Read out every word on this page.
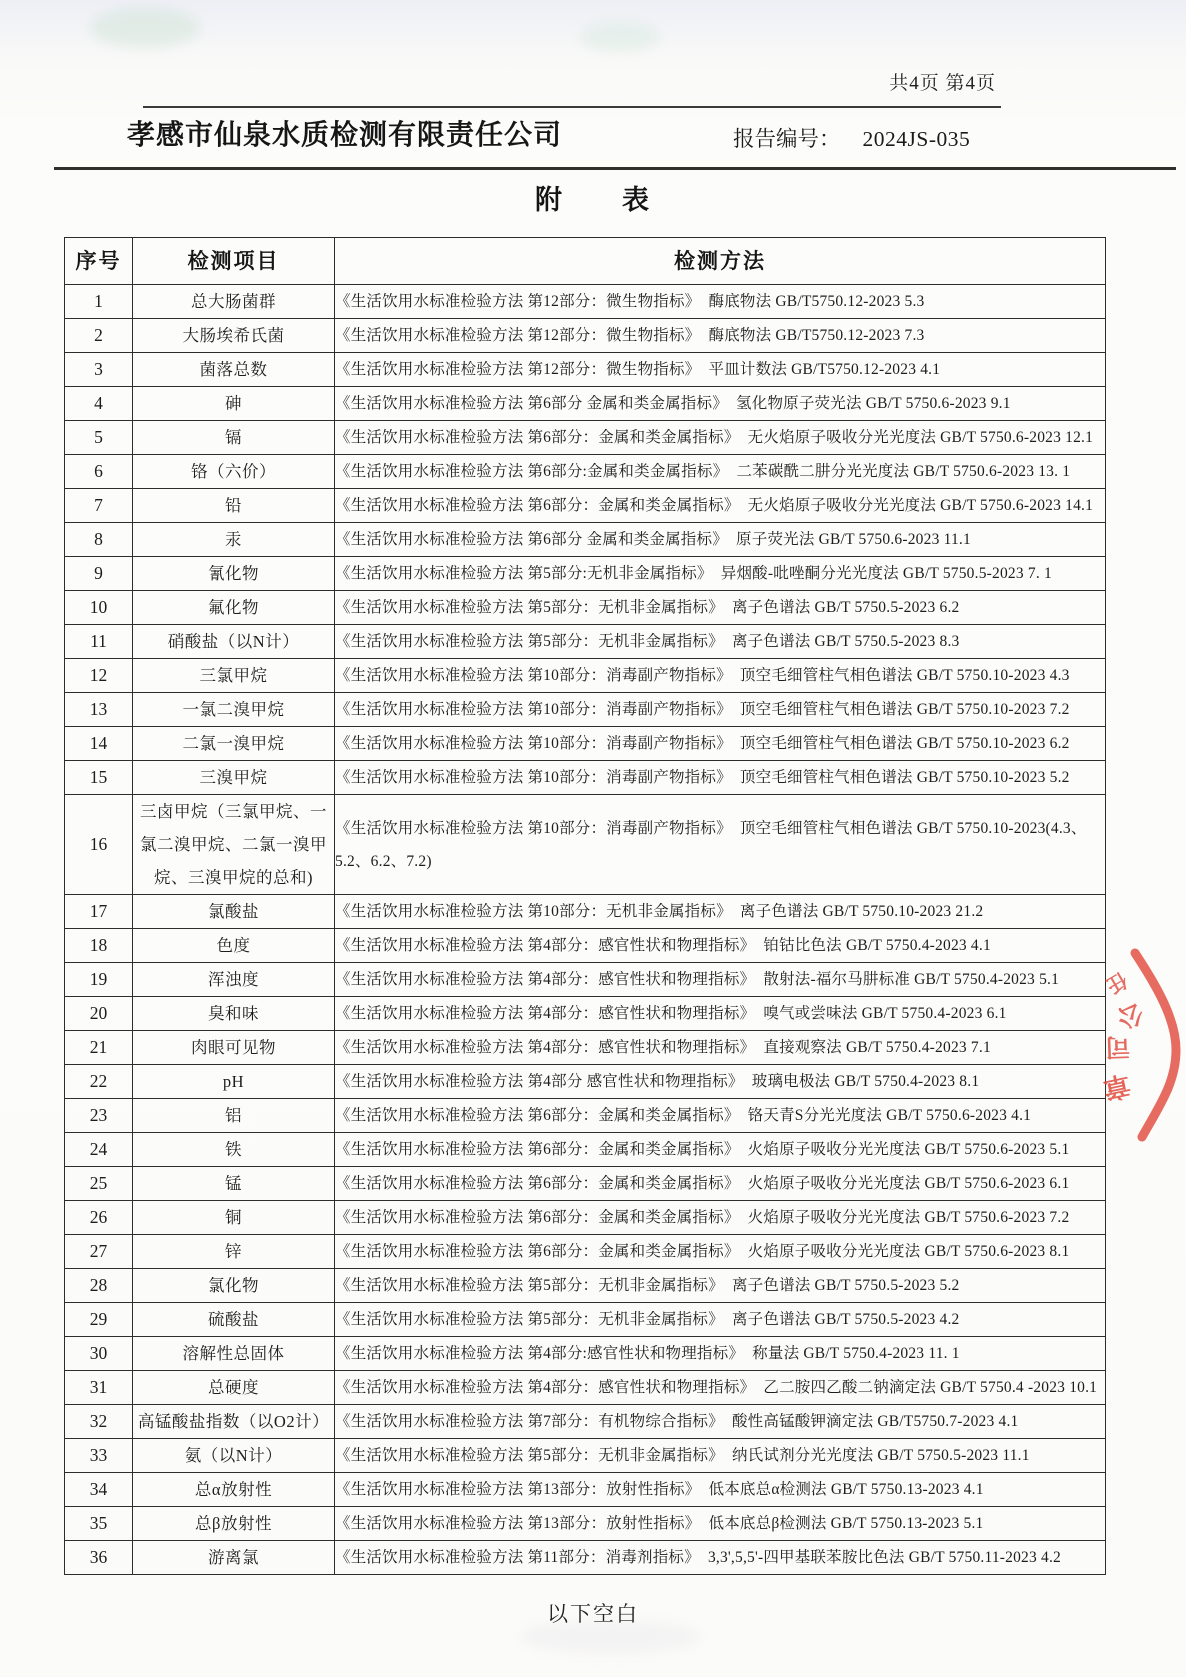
共4页 第4页
孝感市仙泉水质检测有限责任公司	报告编号： 2024JS-035
附　　表
序号	检测项目	检测方法
1	总大肠菌群	《生活饮用水标准检验方法 第12部分：微生物指标》  酶底物法 GB/T5750.12-2023 5.3
2	大肠埃希氏菌	《生活饮用水标准检验方法 第12部分：微生物指标》  酶底物法 GB/T5750.12-2023 7.3
3	菌落总数	《生活饮用水标准检验方法 第12部分：微生物指标》  平皿计数法 GB/T5750.12-2023 4.1
4	砷	《生活饮用水标准检验方法 第6部分 金属和类金属指标》  氢化物原子荧光法 GB/T 5750.6-2023 9.1
5	镉	《生活饮用水标准检验方法 第6部分：金属和类金属指标》  无火焰原子吸收分光光度法 GB/T 5750.6-2023 12.1
6	铬（六价）	《生活饮用水标准检验方法 第6部分:金属和类金属指标》  二苯碳酰二肼分光光度法 GB/T 5750.6-2023 13. 1
7	铅	《生活饮用水标准检验方法 第6部分：金属和类金属指标》  无火焰原子吸收分光光度法 GB/T 5750.6-2023 14.1
8	汞	《生活饮用水标准检验方法 第6部分 金属和类金属指标》  原子荧光法 GB/T 5750.6-2023 11.1
9	氰化物	《生活饮用水标准检验方法 第5部分:无机非金属指标》  异烟酸-吡唑酮分光光度法 GB/T 5750.5-2023 7. 1
10	氟化物	《生活饮用水标准检验方法 第5部分：无机非金属指标》  离子色谱法 GB/T 5750.5-2023 6.2
11	硝酸盐（以N计）	《生活饮用水标准检验方法 第5部分：无机非金属指标》  离子色谱法 GB/T 5750.5-2023 8.3
12	三氯甲烷	《生活饮用水标准检验方法 第10部分：消毒副产物指标》  顶空毛细管柱气相色谱法 GB/T 5750.10-2023 4.3
13	一氯二溴甲烷	《生活饮用水标准检验方法 第10部分：消毒副产物指标》  顶空毛细管柱气相色谱法 GB/T 5750.10-2023 7.2
14	二氯一溴甲烷	《生活饮用水标准检验方法 第10部分：消毒副产物指标》  顶空毛细管柱气相色谱法 GB/T 5750.10-2023 6.2
15	三溴甲烷	《生活饮用水标准检验方法 第10部分：消毒副产物指标》  顶空毛细管柱气相色谱法 GB/T 5750.10-2023 5.2
16	三卤甲烷（三氯甲烷、一氯二溴甲烷、二氯一溴甲烷、三溴甲烷的总和)	《生活饮用水标准检验方法 第10部分：消毒副产物指标》  顶空毛细管柱气相色谱法 GB/T 5750.10-2023(4.3、5.2、6.2、7.2)
17	氯酸盐	《生活饮用水标准检验方法 第10部分：无机非金属指标》  离子色谱法 GB/T 5750.10-2023 21.2
18	色度	《生活饮用水标准检验方法 第4部分：感官性状和物理指标》  铂钴比色法 GB/T 5750.4-2023 4.1
19	浑浊度	《生活饮用水标准检验方法 第4部分：感官性状和物理指标》  散射法-福尔马肼标准 GB/T 5750.4-2023 5.1
20	臭和味	《生活饮用水标准检验方法 第4部分：感官性状和物理指标》  嗅气或尝味法 GB/T 5750.4-2023 6.1
21	肉眼可见物	《生活饮用水标准检验方法 第4部分：感官性状和物理指标》  直接观察法 GB/T 5750.4-2023 7.1
22	pH	《生活饮用水标准检验方法 第4部分 感官性状和物理指标》  玻璃电极法 GB/T 5750.4-2023 8.1
23	铝	《生活饮用水标准检验方法 第6部分：金属和类金属指标》  铬天青S分光光度法 GB/T 5750.6-2023 4.1
24	铁	《生活饮用水标准检验方法 第6部分：金属和类金属指标》  火焰原子吸收分光光度法 GB/T 5750.6-2023 5.1
25	锰	《生活饮用水标准检验方法 第6部分：金属和类金属指标》  火焰原子吸收分光光度法 GB/T 5750.6-2023 6.1
26	铜	《生活饮用水标准检验方法 第6部分：金属和类金属指标》  火焰原子吸收分光光度法 GB/T 5750.6-2023 7.2
27	锌	《生活饮用水标准检验方法 第6部分：金属和类金属指标》  火焰原子吸收分光光度法 GB/T 5750.6-2023 8.1
28	氯化物	《生活饮用水标准检验方法 第5部分：无机非金属指标》  离子色谱法 GB/T 5750.5-2023 5.2
29	硫酸盐	《生活饮用水标准检验方法 第5部分：无机非金属指标》  离子色谱法 GB/T 5750.5-2023 4.2
30	溶解性总固体	《生活饮用水标准检验方法 第4部分:感官性状和物理指标》  称量法 GB/T 5750.4-2023 11. 1
31	总硬度	《生活饮用水标准检验方法 第4部分：感官性状和物理指标》  乙二胺四乙酸二钠滴定法 GB/T 5750.4 -2023 10.1
32	高锰酸盐指数（以O2计）	《生活饮用水标准检验方法 第7部分：有机物综合指标》  酸性高锰酸钾滴定法 GB/T5750.7-2023 4.1
33	氨（以N计）	《生活饮用水标准检验方法 第5部分：无机非金属指标》  纳氏试剂分光光度法 GB/T 5750.5-2023 11.1
34	总α放射性	《生活饮用水标准检验方法 第13部分：放射性指标》  低本底总α检测法 GB/T 5750.13-2023 4.1
35	总β放射性	《生活饮用水标准检验方法 第13部分：放射性指标》  低本底总β检测法 GB/T 5750.13-2023 5.1
36	游离氯	《生活饮用水标准检验方法 第11部分：消毒剂指标》  3,3',5,5'-四甲基联苯胺比色法 GB/T 5750.11-2023 4.2
以下空白
任
公
司
章
